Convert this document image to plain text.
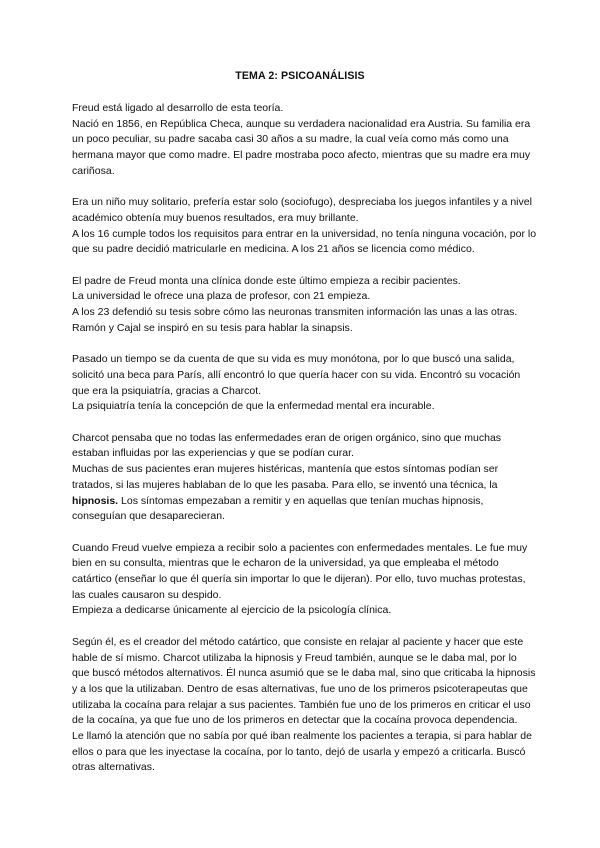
TEMA 2: PSICOANÁLISIS
Freud está ligado al desarrollo de esta teoría.
Nació en 1856, en República Checa, aunque su verdadera nacionalidad era Austria. Su familia era un poco peculiar, su padre sacaba casi 30 años a su madre, la cual veía como más como una hermana mayor que como madre. El padre mostraba poco afecto, mientras que su madre era muy cariñosa.
Era un niño muy solitario, prefería estar solo (sociofugo), despreciaba los juegos infantiles y a nivel académico obtenía muy buenos resultados, era muy brillante.
A los 16 cumple todos los requisitos para entrar en la universidad, no tenía ninguna vocación, por lo que su padre decidió matricularle en medicina. A los 21 años se licencia como médico.
El padre de Freud monta una clínica donde este último empieza a recibir pacientes.
La universidad le ofrece una plaza de profesor, con 21 empieza.
A los 23 defendió su tesis sobre cómo las neuronas transmiten información las unas a las otras. Ramón y Cajal se inspiró en su tesis para hablar la sinapsis.
Pasado un tiempo se da cuenta de que su vida es muy monótona, por lo que buscó una salida, solicitó una beca para París, allí encontró lo que quería hacer con su vida. Encontró su vocación que era la psiquiatría, gracias a Charcot.
La psiquiatría tenía la concepción de que la enfermedad mental era incurable.
Charcot pensaba que no todas las enfermedades eran de origen orgánico, sino que muchas estaban influidas por las experiencias y que se podían curar.
Muchas de sus pacientes eran mujeres histéricas, mantenía que estos síntomas podían ser tratados, si las mujeres hablaban de lo que les pasaba. Para ello, se inventó una técnica, la hipnosis. Los síntomas empezaban a remitir y en aquellas que tenían muchas hipnosis, conseguían que desaparecieran.
Cuando Freud vuelve empieza a recibir solo a pacientes con enfermedades mentales. Le fue muy bien en su consulta, mientras que le echaron de la universidad, ya que empleaba el método catártico (enseñar lo que él quería sin importar lo que le dijeran). Por ello, tuvo muchas protestas, las cuales causaron su despido.
Empieza a dedicarse únicamente al ejercicio de la psicología clínica.
Según él, es el creador del método catártico, que consiste en relajar al paciente y hacer que este hable de sí mismo. Charcot utilizaba la hipnosis y Freud también, aunque se le daba mal, por lo que buscó métodos alternativos. Él nunca asumió que se le daba mal, sino que criticaba la hipnosis y a los que la utilizaban. Dentro de esas alternativas, fue uno de los primeros psicoterapeutas que utilizaba la cocaína para relajar a sus pacientes. También fue uno de los primeros en criticar el uso de la cocaína, ya que fue uno de los primeros en detectar que la cocaína provoca dependencia.
Le llamó la atención que no sabía por qué iban realmente los pacientes a terapia, si para hablar de ellos o para que les inyectase la cocaína, por lo tanto, dejó de usarla y empezó a criticarla. Buscó otras alternativas.
